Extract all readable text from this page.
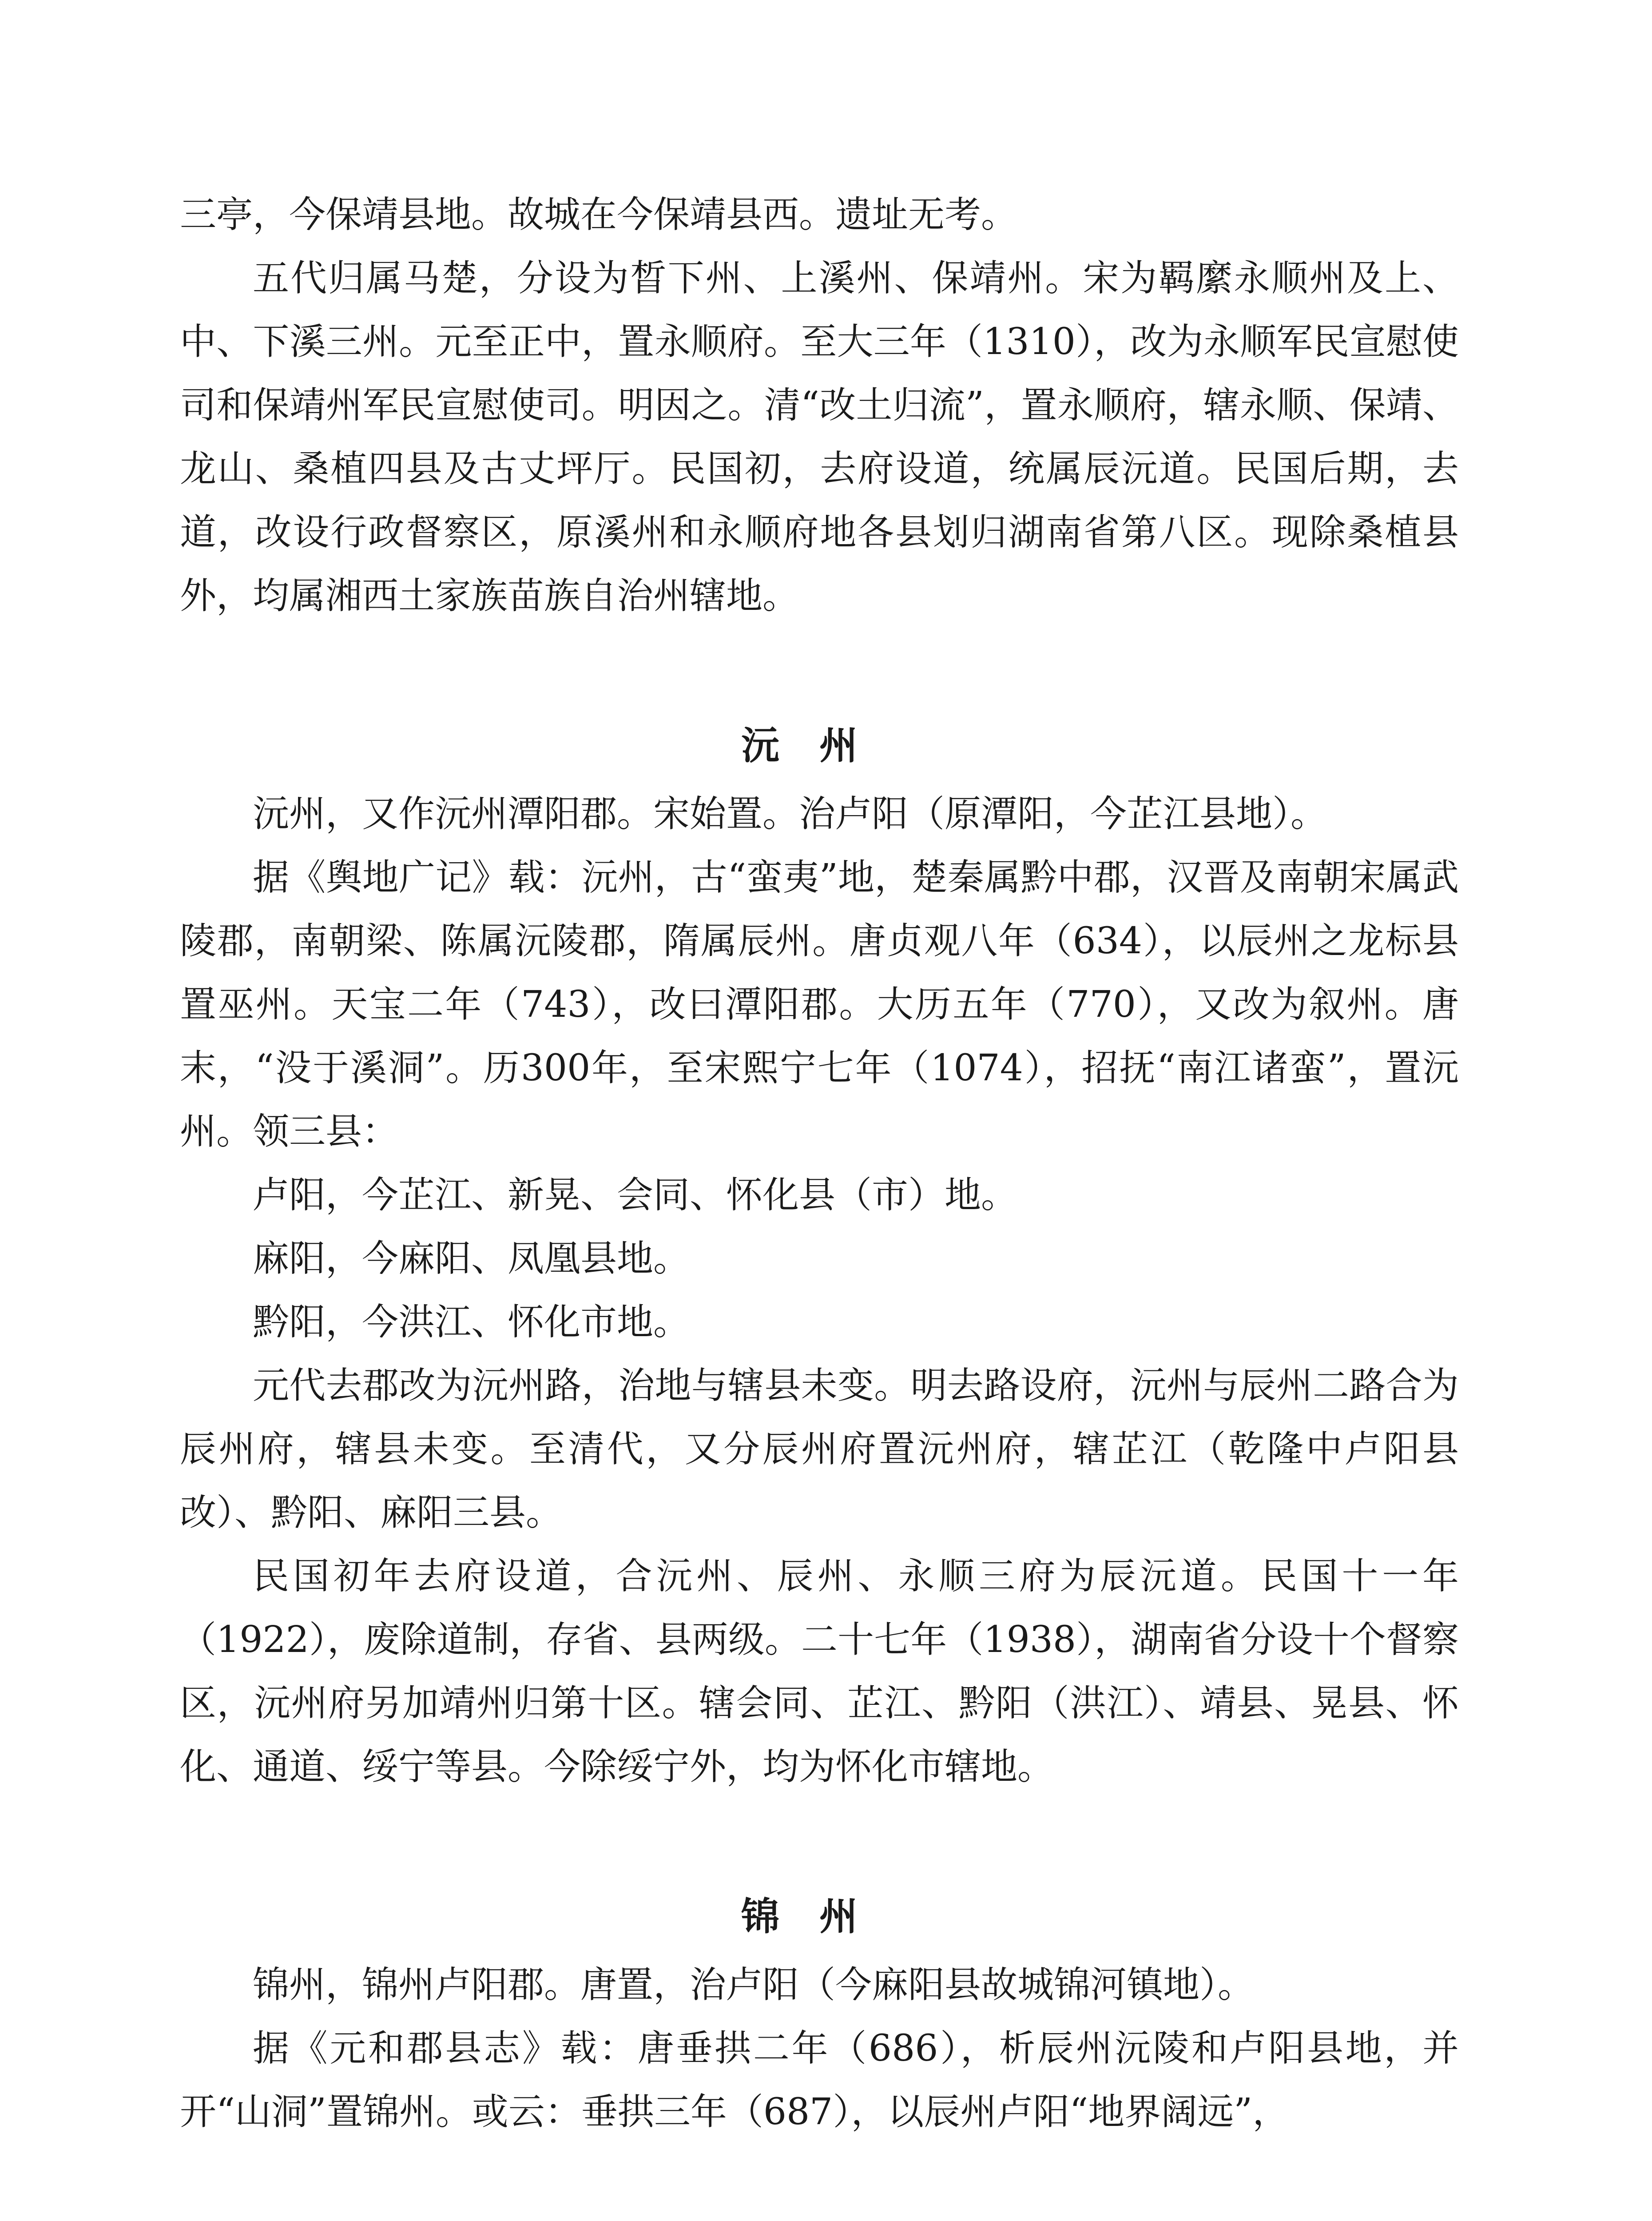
三亭，今保靖县地。故城在今保靖县西。遗址无考。

五代归属马楚，分设为晳下州、上溪州、保靖州。宋为羁縻永顺州及上、中、下溪三州。元至正中，置永顺府。至大三年（1310），改为永顺军民宣慰使司和保靖州军民宣慰使司。明因之。清“改土归流”，置永顺府，辖永顺、保靖、龙山、桑植四县及古丈坪厅。民国初，去府设道，统属辰沅道。民国后期，去道，改设行政督察区，原溪州和永顺府地各县划归湖南省第八区。现除桑植县外，均属湘西土家族苗族自治州辖地。

沅州

沅州，又作沅州潭阳郡。宋始置。治卢阳（原潭阳，今芷江县地）。

据《舆地广记》载：沅州，古“蛮夷”地，楚秦属黔中郡，汉晋及南朝宋属武陵郡，南朝梁、陈属沅陵郡，隋属辰州。唐贞观八年（634），以辰州之龙标县置巫州。天宝二年（743），改曰潭阳郡。大历五年（770），又改为叙州。唐末，“没于溪洞”。历300年，至宋熙宁七年（1074），招抚“南江诸蛮”，置沅州。领三县：

卢阳，今芷江、新晃、会同、怀化县（市）地。

麻阳，今麻阳、凤凰县地。

黔阳，今洪江、怀化市地。

元代去郡改为沅州路，治地与辖县未变。明去路设府，沅州与辰州二路合为辰州府，辖县未变。至清代，又分辰州府置沅州府，辖芷江（乾隆中卢阳县改）、黔阳、麻阳三县。

民国初年去府设道，合沅州、辰州、永顺三府为辰沅道。民国十一年（1922），废除道制，存省、县两级。二十七年（1938），湖南省分设十个督察区，沅州府另加靖州归第十区。辖会同、芷江、黔阳（洪江）、靖县、晃县、怀化、通道、绥宁等县。今除绥宁外，均为怀化市辖地。

锦州

锦州，锦州卢阳郡。唐置，治卢阳（今麻阳县故城锦河镇地）。

据《元和郡县志》载：唐垂拱二年（686），析辰州沅陵和卢阳县地，并开“山洞”置锦州。或云：垂拱三年（687），以辰州卢阳“地界阔远”，
